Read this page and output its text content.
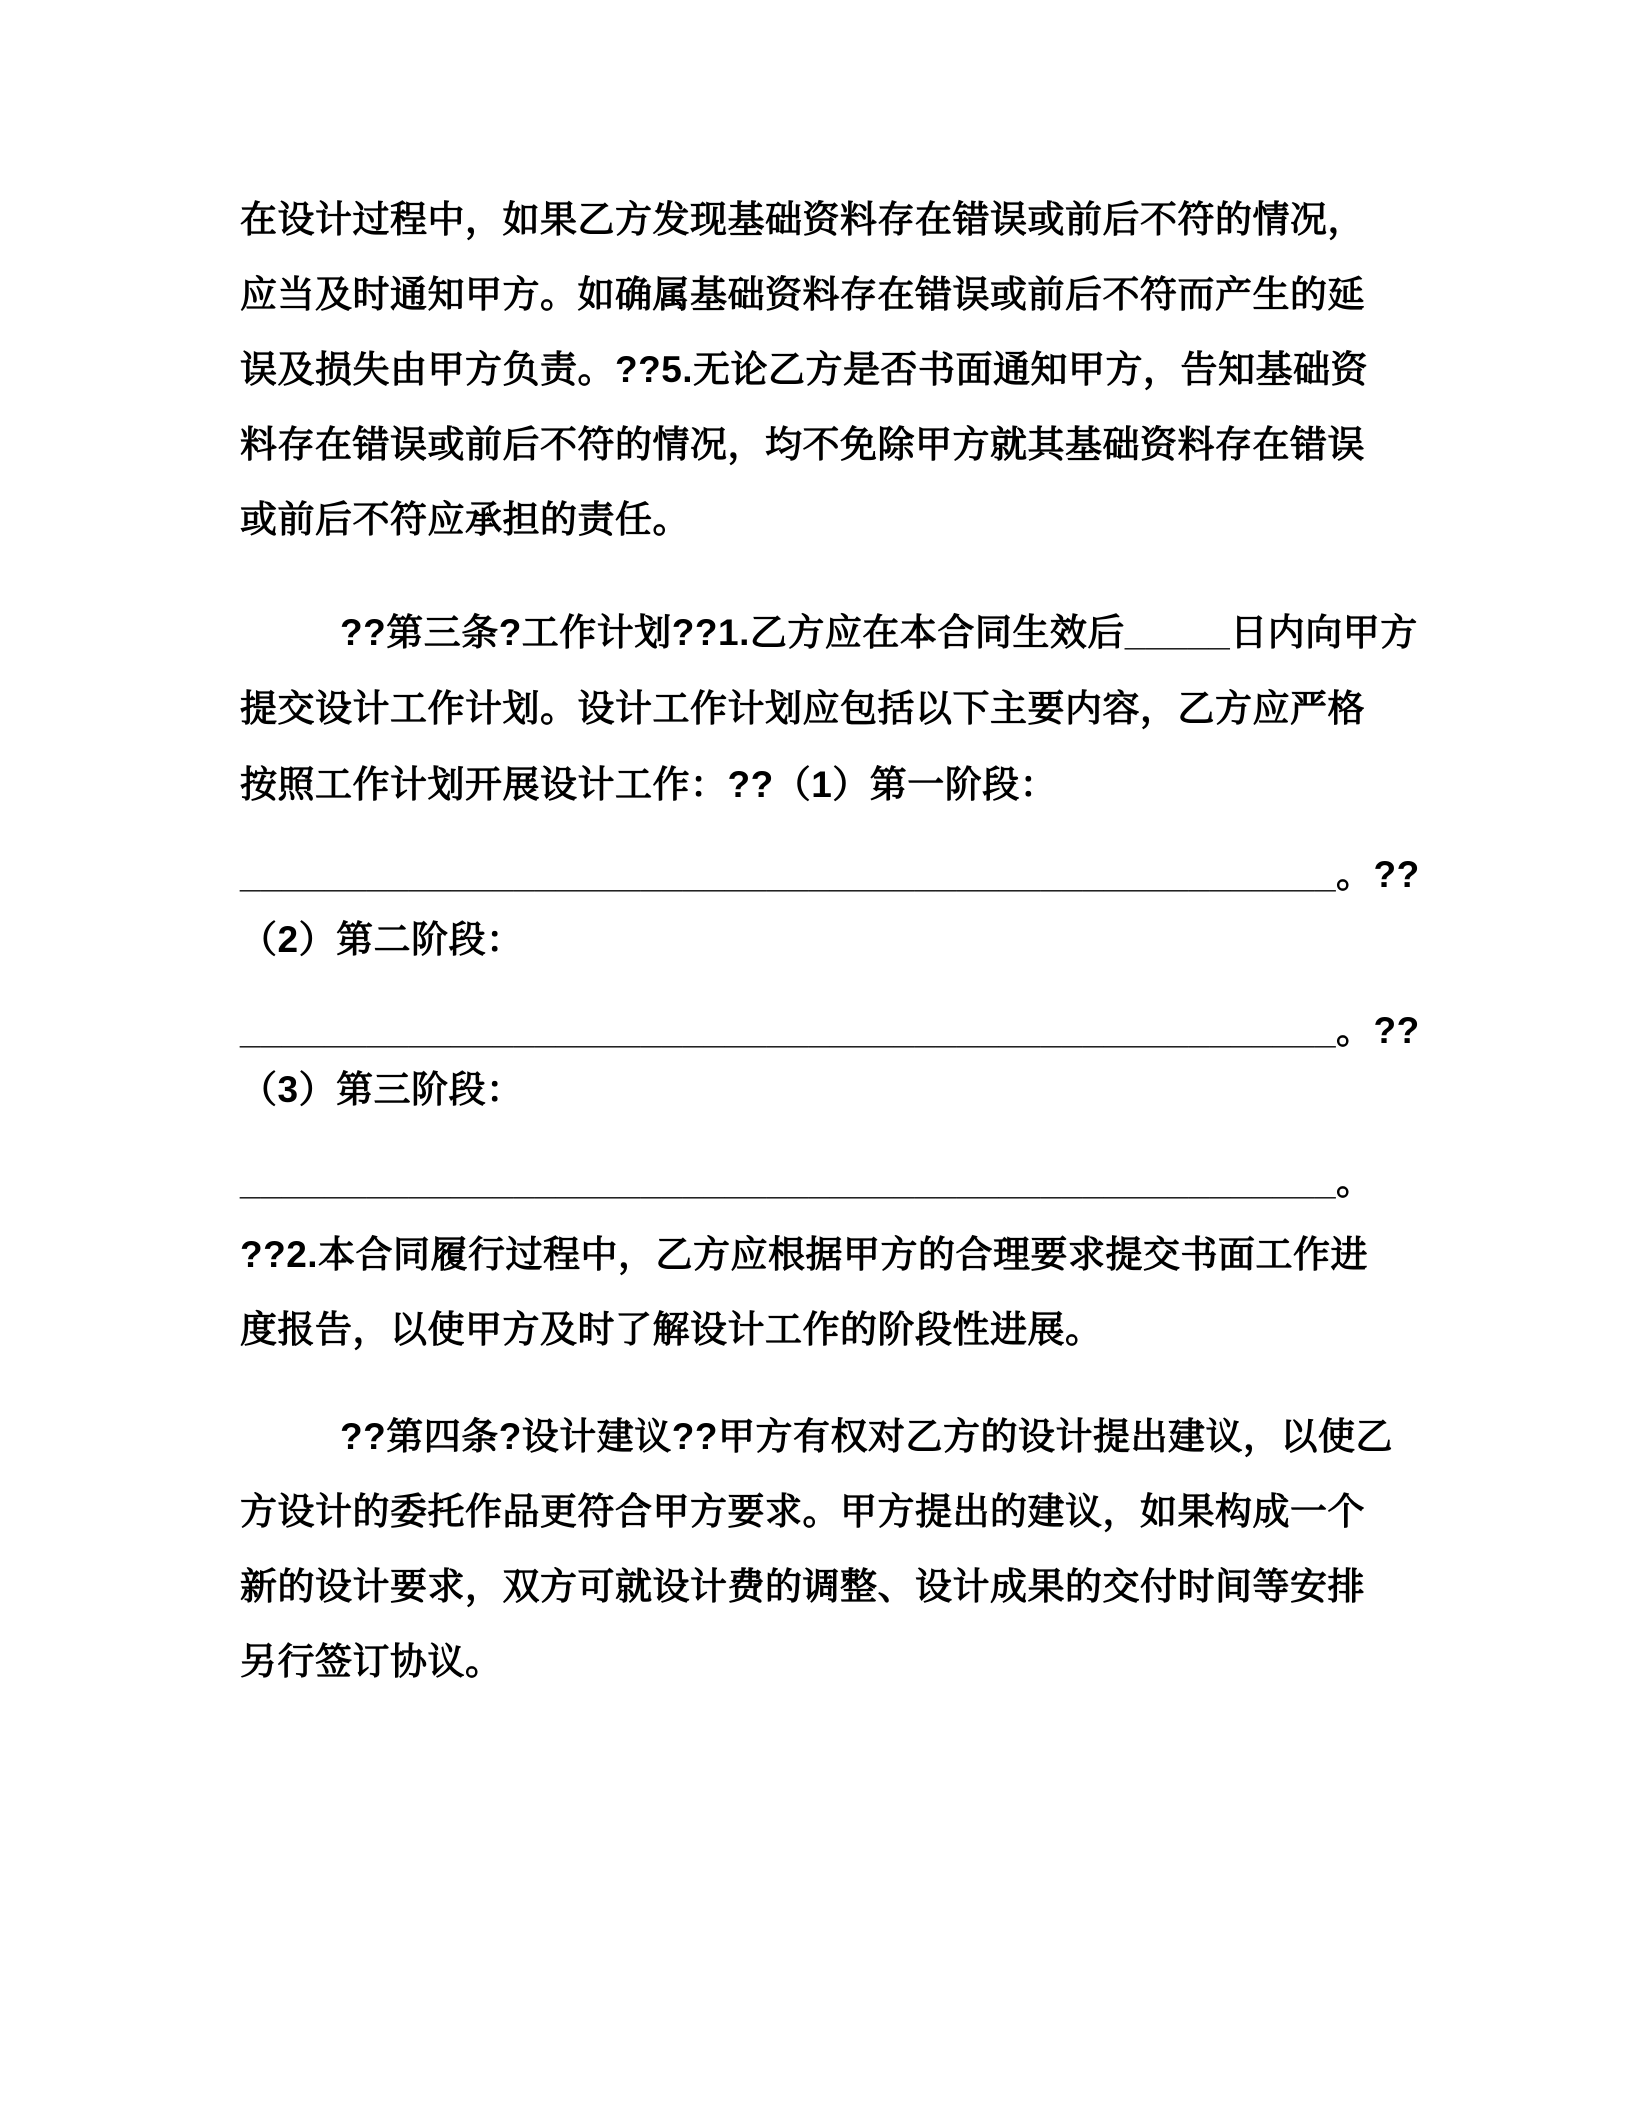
在设计过程中，如果乙方发现基础资料存在错误或前后不符的情况，
应当及时通知甲方。如确属基础资料存在错误或前后不符而产生的延
误及损失由甲方负责。??5.无论乙方是否书面通知甲方，告知基础资
料存在错误或前后不符的情况，均不免除甲方就其基础资料存在错误
或前后不符应承担的责任。
??第三条?工作计划??1.乙方应在本合同生效后_____日内向甲方
提交设计工作计划。设计工作计划应包括以下主要内容，乙方应严格
按照工作计划开展设计工作：??（1）第一阶段：
____________________________________________________。??
（2）第二阶段：
____________________________________________________。??
（3）第三阶段：
____________________________________________________。
??2.本合同履行过程中，乙方应根据甲方的合理要求提交书面工作进
度报告，以使甲方及时了解设计工作的阶段性进展。
??第四条?设计建议??甲方有权对乙方的设计提出建议，以使乙
方设计的委托作品更符合甲方要求。甲方提出的建议，如果构成一个
新的设计要求，双方可就设计费的调整、设计成果的交付时间等安排
另行签订协议。
